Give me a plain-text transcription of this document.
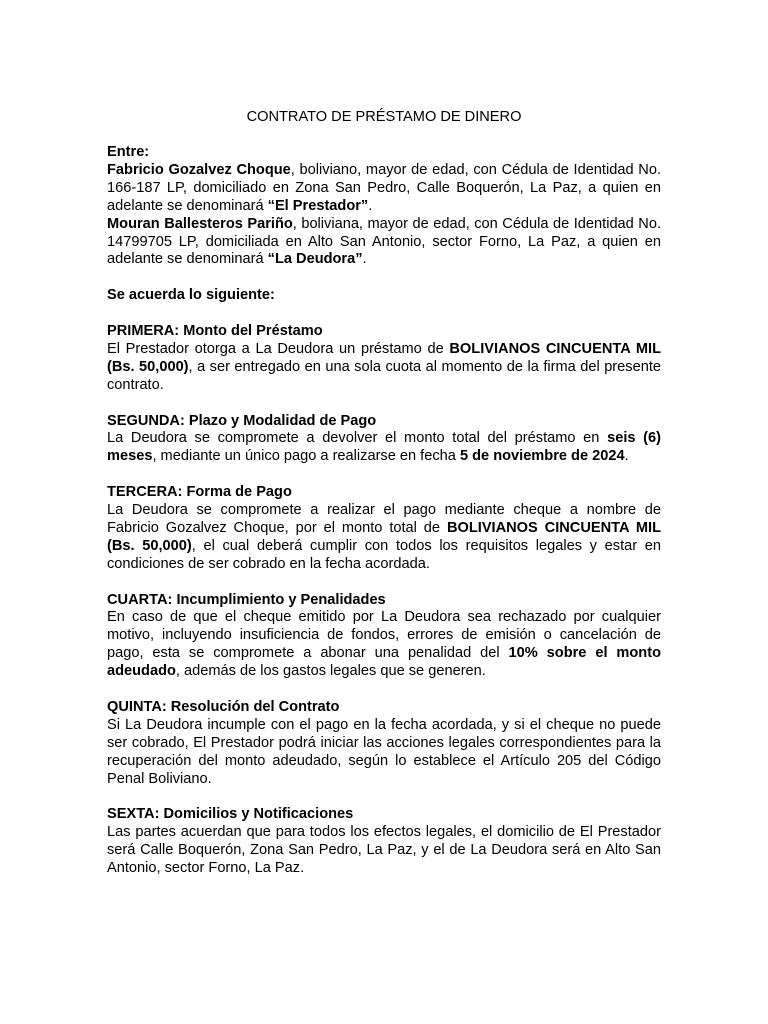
CONTRATO DE PRÉSTAMO DE DINERO
Entre:

Fabricio Gozalvez Choque, boliviano, mayor de edad, con Cédula de Identidad No. 166-187 LP, domiciliado en Zona San Pedro, Calle Boquerón, La Paz, a quien en adelante se denominará “El Prestador”.

Mouran Ballesteros Pariño, boliviana, mayor de edad, con Cédula de Identidad No. 14799705 LP, domiciliada en Alto San Antonio, sector Forno, La Paz, a quien en adelante se denominará “La Deudora”.

Se acuerda lo siguiente:
PRIMERA: Monto del Préstamo

El Prestador otorga a La Deudora un préstamo de BOLIVIANOS CINCUENTA MIL (Bs. 50,000), a ser entregado en una sola cuota al momento de la firma del presente contrato.

SEGUNDA: Plazo y Modalidad de Pago

La Deudora se compromete a devolver el monto total del préstamo en seis (6) meses, mediante un único pago a realizarse en fecha 5 de noviembre de 2024.

TERCERA: Forma de Pago

La Deudora se compromete a realizar el pago mediante cheque a nombre de Fabricio Gozalvez Choque, por el monto total de BOLIVIANOS CINCUENTA MIL (Bs. 50,000), el cual deberá cumplir con todos los requisitos legales y estar en condiciones de ser cobrado en la fecha acordada.

CUARTA: Incumplimiento y Penalidades

En caso de que el cheque emitido por La Deudora sea rechazado por cualquier motivo, incluyendo insuficiencia de fondos, errores de emisión o cancelación de pago, esta se compromete a abonar una penalidad del 10% sobre el monto adeudado, además de los gastos legales que se generen.

QUINTA: Resolución del Contrato

Si La Deudora incumple con el pago en la fecha acordada, y si el cheque no puede ser cobrado, El Prestador podrá iniciar las acciones legales correspondientes para la recuperación del monto adeudado, según lo establece el Artículo 205 del Código Penal Boliviano.

SEXTA: Domicilios y Notificaciones

Las partes acuerdan que para todos los efectos legales, el domicilio de El Prestador será Calle Boquerón, Zona San Pedro, La Paz, y el de La Deudora será en Alto San Antonio, sector Forno, La Paz.
